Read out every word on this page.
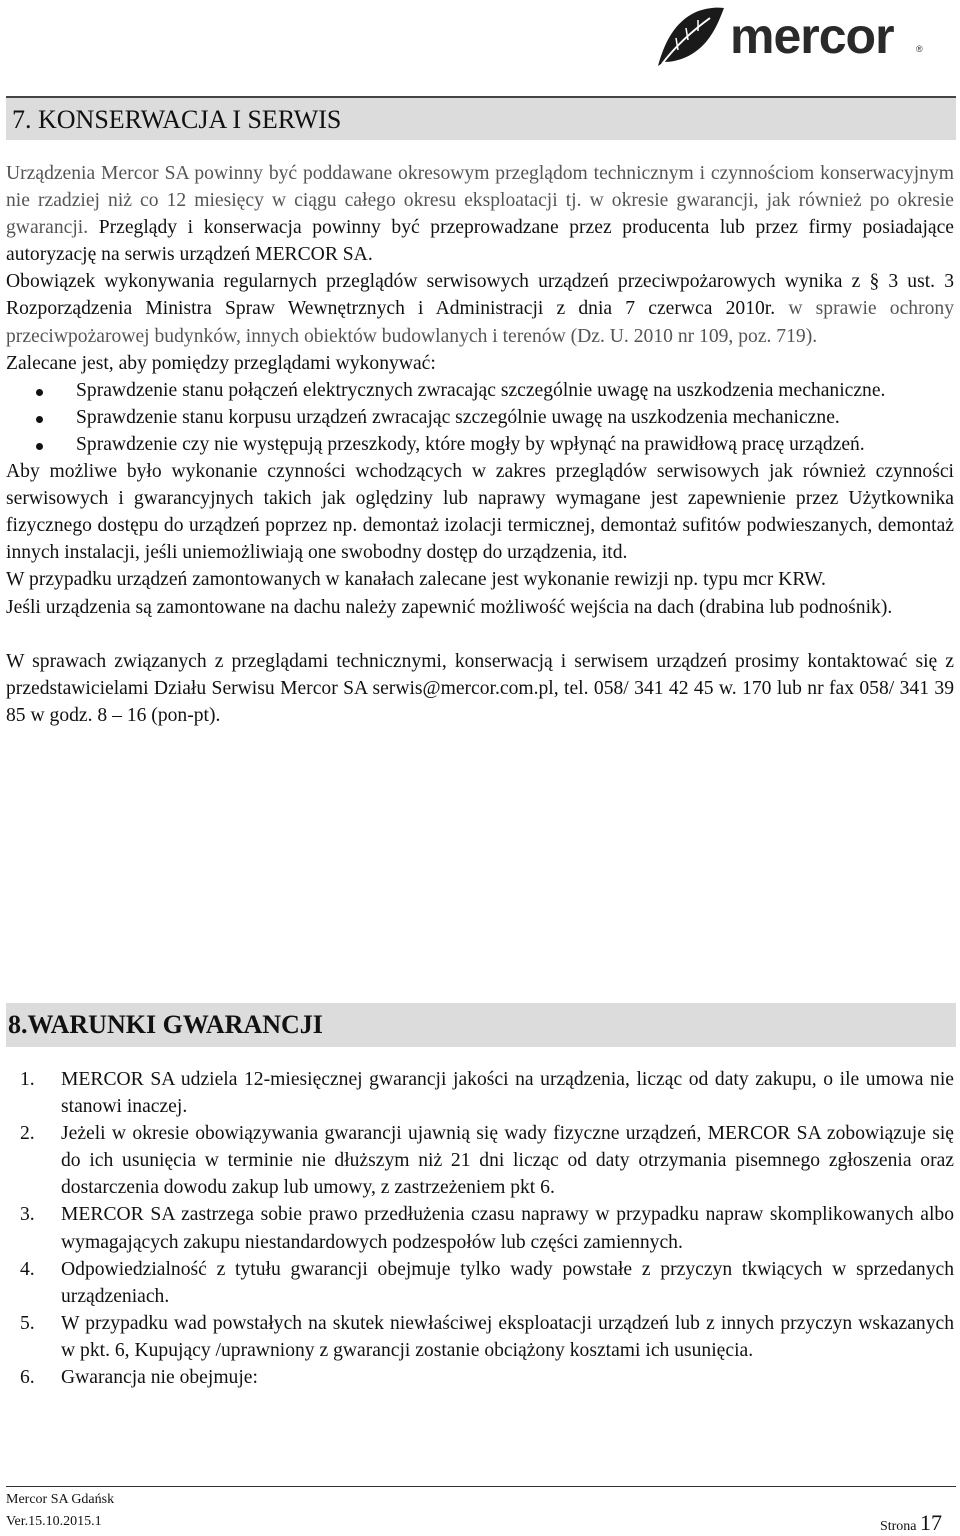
mercor ®
7. KONSERWACJA I SERWIS

Urządzenia Mercor SA powinny być poddawane okresowym przeglądom technicznym i czynnościom konserwacyjnym nie rzadziej niż co 12 miesięcy w ciągu całego okresu eksploatacji tj. w okresie gwarancji, jak również po okresie gwarancji. Przeglądy i konserwacja powinny być przeprowadzane przez producenta lub przez firmy posiadające autoryzację na serwis urządzeń MERCOR SA.

Obowiązek wykonywania regularnych przeglądów serwisowych urządzeń przeciwpożarowych wynika z § 3 ust. 3 Rozporządzenia Ministra Spraw Wewnętrznych i Administracji z dnia 7 czerwca 2010r. w sprawie ochrony przeciwpożarowej budynków, innych obiektów budowlanych i terenów (Dz. U. 2010 nr 109, poz. 719).

Zalecane jest, aby pomiędzy przeglądami wykonywać:

Sprawdzenie stanu połączeń elektrycznych zwracając szczególnie uwagę na uszkodzenia mechaniczne.
Sprawdzenie stanu korpusu urządzeń zwracając szczególnie uwagę na uszkodzenia mechaniczne.
Sprawdzenie czy nie występują przeszkody, które mogły by wpłynąć na prawidłową pracę urządzeń.

Aby możliwe było wykonanie czynności wchodzących w zakres przeglądów serwisowych jak również czynności serwisowych i gwarancyjnych takich jak oględziny lub naprawy wymagane jest zapewnienie przez Użytkownika fizycznego dostępu do urządzeń poprzez np. demontaż izolacji termicznej, demontaż sufitów podwieszanych, demontaż innych instalacji, jeśli uniemożliwiają one swobodny dostęp do urządzenia, itd.

W przypadku urządzeń zamontowanych w kanałach zalecane jest wykonanie rewizji np. typu mcr KRW.

Jeśli urządzenia są zamontowane na dachu należy zapewnić możliwość wejścia na dach (drabina lub podnośnik).

W sprawach związanych z przeglądami technicznymi, konserwacją i serwisem urządzeń prosimy kontaktować się z przedstawicielami Działu Serwisu Mercor SA serwis@mercor.com.pl, tel. 058/ 341 42 45 w. 170 lub nr fax 058/ 341 39 85 w godz. 8 – 16 (pon-pt).

8.WARUNKI GWARANCJI
1. MERCOR SA udziela 12-miesięcznej gwarancji jakości na urządzenia, licząc od daty zakupu, o ile umowa nie stanowi inaczej.
2. Jeżeli w okresie obowiązywania gwarancji ujawnią się wady fizyczne urządzeń, MERCOR SA zobowiązuje się do ich usunięcia w terminie nie dłuższym niż 21 dni licząc od daty otrzymania pisemnego zgłoszenia oraz dostarczenia dowodu zakup lub umowy, z zastrzeżeniem pkt 6.
3. MERCOR SA zastrzega sobie prawo przedłużenia czasu naprawy w przypadku napraw skomplikowanych albo wymagających zakupu niestandardowych podzespołów lub części zamiennych.
4. Odpowiedzialność z tytułu gwarancji obejmuje tylko wady powstałe z przyczyn tkwiących w sprzedanych urządzeniach.
5. W przypadku wad powstałych na skutek niewłaściwej eksploatacji urządzeń lub z innych przyczyn wskazanych w pkt. 6, Kupujący /uprawniony z gwarancji zostanie obciążony kosztami ich usunięcia.
6. Gwarancja nie obejmuje:
Mercor SA Gdańsk
Ver.15.10.2015.1	Strona 17
